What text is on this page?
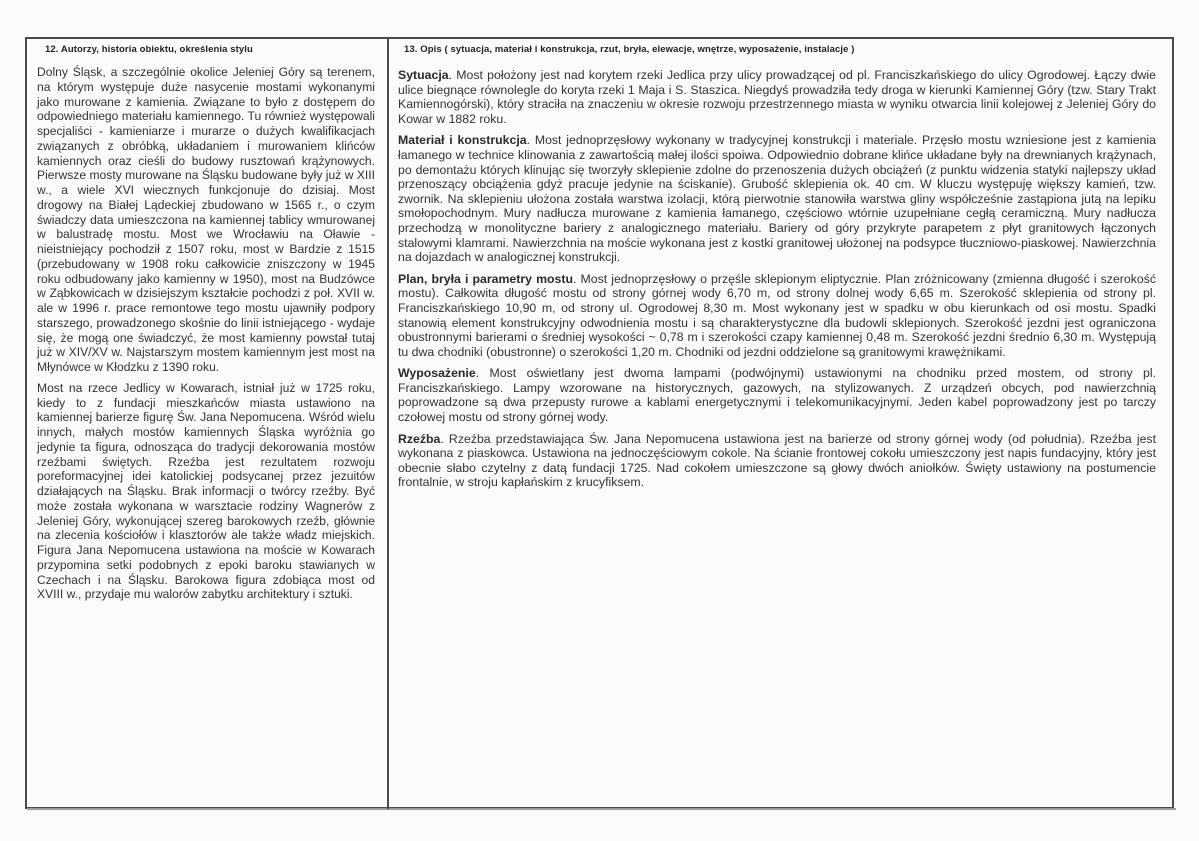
12. Autorzy, historia obiektu, określenia stylu

Dolny Śląsk, a szczególnie okolice Jeleniej Góry są terenem, na którym występuje duże nasycenie mostami wykonanymi jako murowane z kamienia. Związane to było z dostępem do odpowiedniego materiału kamiennego. Tu również występowali specjaliści - kamieniarze i murarze o dużych kwalifikacjach związanych z obróbką, układaniem i murowaniem klińców kamiennych oraz cieśli do budowy rusztowań krążynowych. Pierwsze mosty murowane na Śląsku budowane były już w XIII w., a wiele XVI wiecznych funkcjonuje do dzisiaj. Most drogowy na Białej Lądeckiej zbudowano w 1565 r., o czym świadczy data umieszczona na kamiennej tablicy wmurowanej w balustradę mostu. Most we Wrocławiu na Oławie - nieistniejący pochodził z 1507 roku, most w Bardzie z 1515 (przebudowany w 1908 roku całkowicie zniszczony w 1945 roku odbudowany jako kamienny w 1950), most na Budzówce w Ząbkowicach w dzisiejszym kształcie pochodzi z poł. XVII w. ale w 1996 r. prace remontowe tego mostu ujawniły podpory starszego, prowadzonego skośnie do linii istniejącego - wydaje się, że mogą one świadczyć, że most kamienny powstał tutaj już w XIV/XV w. Najstarszym mostem kamiennym jest most na Młynówce w Kłodzku z 1390 roku.

Most na rzece Jedlicy w Kowarach, istniał już w 1725 roku, kiedy to z fundacji mieszkańców miasta ustawiono na kamiennej barierze figurę Św. Jana Nepomucena. Wśród wielu innych, małych mostów kamiennych Śląska wyróżnia go jedynie ta figura, odnosząca do tradycji dekorowania mostów rzeźbami świętych. Rzeźba jest rezultatem rozwoju poreformacyjnej idei katolickiej podsycanej przez jezuitów działających na Śląsku. Brak informacji o twórcy rzeźby. Być może została wykonana w warsztacie rodziny Wagnerów z Jeleniej Góry, wykonującej szereg barokowych rzeźb, głównie na zlecenia kościołów i klasztorów ale także władz miejskich. Figura Jana Nepomucena ustawiona na moście w Kowarach przypomina setki podobnych z epoki baroku stawianych w Czechach i na Śląsku. Barokowa figura zdobiąca most od XVIII w., przydaje mu walorów zabytku architektury i sztuki.

13. Opis ( sytuacja, materiał i konstrukcja, rzut, bryła, elewacje, wnętrze, wyposażenie, instalacje )

Sytuacja. Most położony jest nad korytem rzeki Jedlica przy ulicy prowadzącej od pl. Franciszkańskiego do ulicy Ogrodowej. Łączy dwie ulice biegnące równolegle do koryta rzeki 1 Maja i S. Staszica. Niegdyś prowadziła tedy droga w kierunki Kamiennej Góry (tzw. Stary Trakt Kamiennogórski), który straciła na znaczeniu w okresie rozwoju przestrzennego miasta w wyniku otwarcia linii kolejowej z Jeleniej Góry do Kowar w 1882 roku.

Materiał i konstrukcja. Most jednoprzęsłowy wykonany w tradycyjnej konstrukcji i materiale. Przęsło mostu wzniesione jest z kamienia łamanego w technice klinowania z zawartością małej ilości spoiwa. Odpowiednio dobrane klińce układane były na drewnianych krążynach, po demontażu których klinując się tworzyły sklepienie zdolne do przenoszenia dużych obciążeń (z punktu widzenia statyki najlepszy układ przenoszący obciążenia gdyż pracuje jedynie na ściskanie). Grubość sklepienia ok. 40 cm. W kluczu występuję większy kamień, tzw. zwornik. Na sklepieniu ułożona została warstwa izolacji, którą pierwotnie stanowiła warstwa gliny współcześnie zastąpiona jutą na lepiku smołopochodnym. Mury nadłucza murowane z kamienia łamanego, częściowo wtórnie uzupełniane cegłą ceramiczną. Mury nadłucza przechodzą w monolityczne bariery z analogicznego materiału. Bariery od góry przykryte parapetem z płyt granitowych łączonych stalowymi klamrami. Nawierzchnia na moście wykonana jest z kostki granitowej ułożonej na podsypce tłuczniowo-piaskowej. Nawierzchnia na dojazdach w analogicznej konstrukcji.

Plan, bryła i parametry mostu. Most jednoprzęsłowy o przęśle sklepionym eliptycznie. Plan zróżnicowany (zmienna długość i szerokość mostu). Całkowita długość mostu od strony górnej wody 6,70 m, od strony dolnej wody 6,65 m. Szerokość sklepienia od strony pl. Franciszkańskiego 10,90 m, od strony ul. Ogrodowej 8,30 m. Most wykonany jest w spadku w obu kierunkach od osi mostu. Spadki stanowią element konstrukcyjny odwodnienia mostu i są charakterystyczne dla budowli sklepionych. Szerokość jezdni jest ograniczona obustronnymi barierami o średniej wysokości ~ 0,78 m i szerokości czapy kamiennej 0,48 m. Szerokość jezdni średnio 6,30 m. Występują tu dwa chodniki (obustronne) o szerokości 1,20 m. Chodniki od jezdni oddzielone są granitowymi krawężnikami.

Wyposażenie. Most oświetlany jest dwoma lampami (podwójnymi) ustawionymi na chodniku przed mostem, od strony pl. Franciszkańskiego. Lampy wzorowane na historycznych, gazowych, na stylizowanych. Z urządzeń obcych, pod nawierzchnią poprowadzone są dwa przepusty rurowe a kablami energetycznymi i telekomunikacyjnymi. Jeden kabel poprowadzony jest po tarczy czołowej mostu od strony górnej wody.

Rzeźba. Rzeźba przedstawiająca Św. Jana Nepomucena ustawiona jest na barierze od strony górnej wody (od południa). Rzeźba jest wykonana z piaskowca. Ustawiona na jednoczęściowym cokole. Na ścianie frontowej cokołu umieszczony jest napis fundacyjny, który jest obecnie słabo czytelny z datą fundacji 1725. Nad cokołem umieszczone są głowy dwóch aniołków. Święty ustawiony na postumencie frontalnie, w stroju kapłańskim z krucyfiksem.
